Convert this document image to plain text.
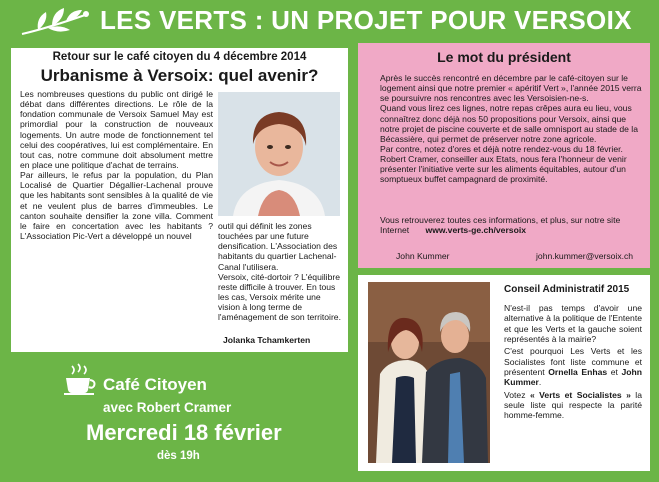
LES VERTS : UN PROJET POUR VERSOIX
Retour sur le café citoyen du 4 décembre 2014
Urbanisme à Versoix: quel avenir?

Les nombreuses questions du public ont dirigé le débat dans différentes directions. Le rôle de la fondation communale de Versoix Samuel May est primordial pour la construction de nouveaux logements. Un autre mode de fonctionnement tel celui des coopératives, lui est complémentaire. En tout cas, notre commune doit absolument mettre en place une politique d'achat de terrains.

Par ailleurs, le refus par la population, du Plan Localisé de Quartier Dégallier-Lachenal prouve que les habitants sont sensibles à la qualité de vie et ne veulent plus de barres d'immeubles. Le canton souhaite densifier la zone villa. Comment le faire en concertation avec les habitants ? L'Association Pic-Vert a développé un nouvel

outil qui définit les zones touchées par une future densification. L'Association des habitants du quartier Lachenal-Canal l'utilisera.

Versoix, cité-dortoir ? L'équilibre reste difficile à trouver. En tous les cas, Versoix mérite une vision à long terme de l'aménagement de son territoire.

Jolanka Tchamkerten
Le mot du président

Après le succès rencontré en décembre par le café-citoyen sur le logement ainsi que notre premier « apéritif Vert », l'année 2015 verra se poursuivre nos rencontres avec les Versoisien-ne-s.

Quand vous lirez ces lignes, notre repas crêpes aura eu lieu, vous connaîtrez donc déjà nos 50 propositions pour Versoix, ainsi que notre projet de piscine couverte et de salle omnisport au stade de la Bécassière, qui permet de préserver notre zone agricole.

Par contre, notez d'ores et déjà notre rendez-vous du 18 février. Robert Cramer, conseiller aux Etats, nous fera l'honneur de venir présenter l'initiative verte sur les aliments équitables, autour d'un somptueux buffet campagnard de proximité.

Vous retrouverez toutes ces informations, et plus, sur notre site Internet www.verts-ge.ch/versoix
John Kummer	john.kummer@versoix.ch
Conseil Administratif 2015

N'est-il pas temps d'avoir une alternative à la politique de l'Entente et que les Verts et la gauche soient représentés à la mairie?

C'est pourquoi Les Verts et les Socialistes font liste commune et présentent Ornella Enhas et John Kummer.

Votez « Verts et Socialistes » la seule liste qui respecte la parité homme-femme.

Café Citoyen
avec Robert Cramer
Mercredi 18 février
dès 19h
